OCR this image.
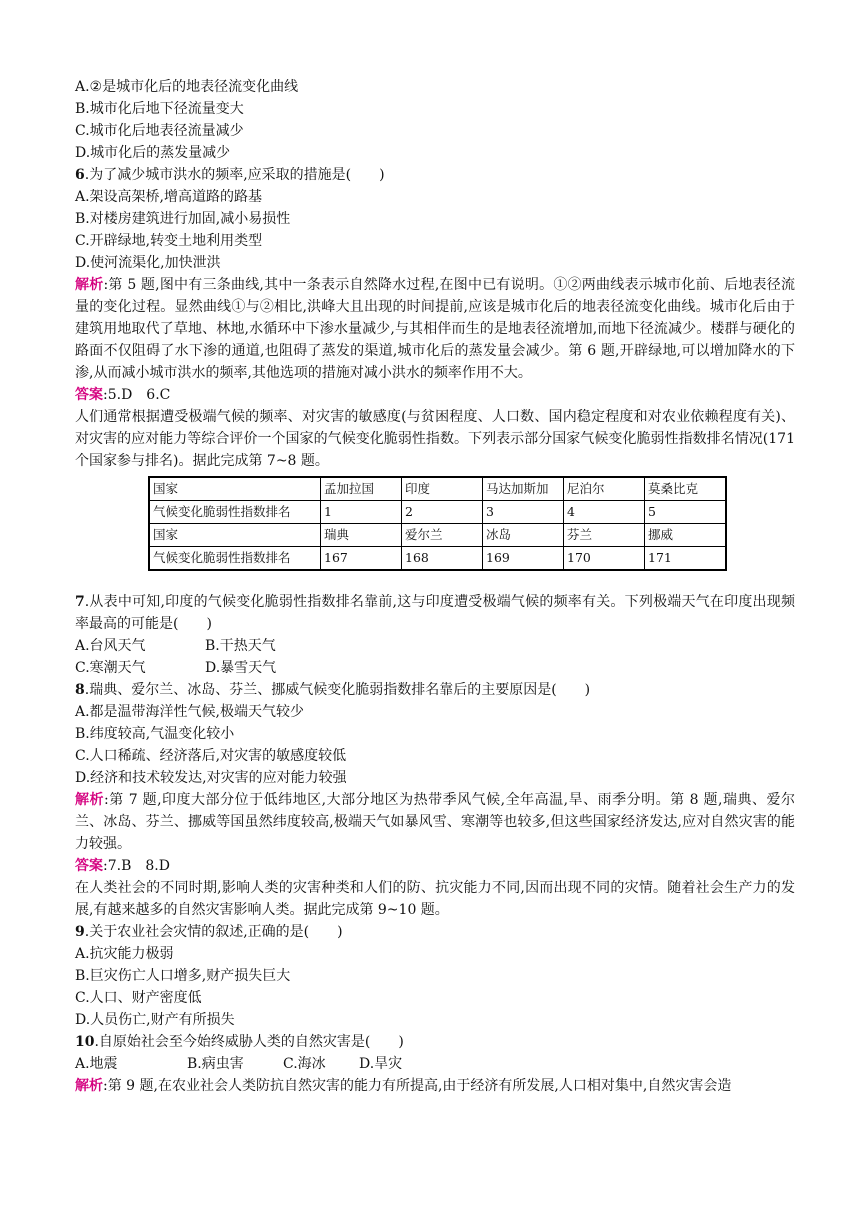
A.②是城市化后的地表径流变化曲线
B.城市化后地下径流量变大
C.城市化后地表径流量减少
D.城市化后的蒸发量减少
6.为了减少城市洪水的频率,应采取的措施是(　　)
A.架设高架桥,增高道路的路基
B.对楼房建筑进行加固,减小易损性
C.开辟绿地,转变土地利用类型
D.使河流渠化,加快泄洪
解析:第 5 题,图中有三条曲线,其中一条表示自然降水过程,在图中已有说明。①②两曲线表示城市化前、后地表径流量的变化过程。显然曲线①与②相比,洪峰大且出现的时间提前,应该是城市化后的地表径流变化曲线。城市化后由于建筑用地取代了草地、林地,水循环中下渗水量减少,与其相伴而生的是地表径流增加,而地下径流减少。楼群与硬化的路面不仅阻碍了水下渗的通道,也阻碍了蒸发的渠道,城市化后的蒸发量会减少。第 6 题,开辟绿地,可以增加降水的下渗,从而减小城市洪水的频率,其他选项的措施对减小洪水的频率作用不大。
答案:5.D　6.C
人们通常根据遭受极端气候的频率、对灾害的敏感度(与贫困程度、人口数、国内稳定程度和对农业依赖程度有关)、对灾害的应对能力等综合评价一个国家的气候变化脆弱性指数。下列表示部分国家气候变化脆弱性指数排名情况(171 个国家参与排名)。据此完成第 7~8 题。
国家	孟加拉国	印度	马达加斯加	尼泊尔	莫桑比克
气候变化脆弱性指数排名	1	2	3	4	5
国家	瑞典	爱尔兰	冰岛	芬兰	挪威
气候变化脆弱性指数排名	167	168	169	170	171
7.从表中可知,印度的气候变化脆弱性指数排名靠前,这与印度遭受极端气候的频率有关。下列极端天气在印度出现频率最高的可能是(　　)
A.台风天气	B.干热天气
C.寒潮天气	D.暴雪天气
8.瑞典、爱尔兰、冰岛、芬兰、挪威气候变化脆弱指数排名靠后的主要原因是(　　)
A.都是温带海洋性气候,极端天气较少
B.纬度较高,气温变化较小
C.人口稀疏、经济落后,对灾害的敏感度较低
D.经济和技术较发达,对灾害的应对能力较强
解析:第 7 题,印度大部分位于低纬地区,大部分地区为热带季风气候,全年高温,旱、雨季分明。第 8 题,瑞典、爱尔兰、冰岛、芬兰、挪威等国虽然纬度较高,极端天气如暴风雪、寒潮等也较多,但这些国家经济发达,应对自然灾害的能力较强。
答案:7.B　8.D
在人类社会的不同时期,影响人类的灾害种类和人们的防、抗灾能力不同,因而出现不同的灾情。随着社会生产力的发展,有越来越多的自然灾害影响人类。据此完成第 9~10 题。
9.关于农业社会灾情的叙述,正确的是(　　)
A.抗灾能力极弱
B.巨灾伤亡人口增多,财产损失巨大
C.人口、财产密度低
D.人员伤亡,财产有所损失
10.自原始社会至今始终威胁人类的自然灾害是(　　)
A.地震	B.病虫害	C.海冰	D.旱灾
解析:第 9 题,在农业社会人类防抗自然灾害的能力有所提高,由于经济有所发展,人口相对集中,自然灾害会造
